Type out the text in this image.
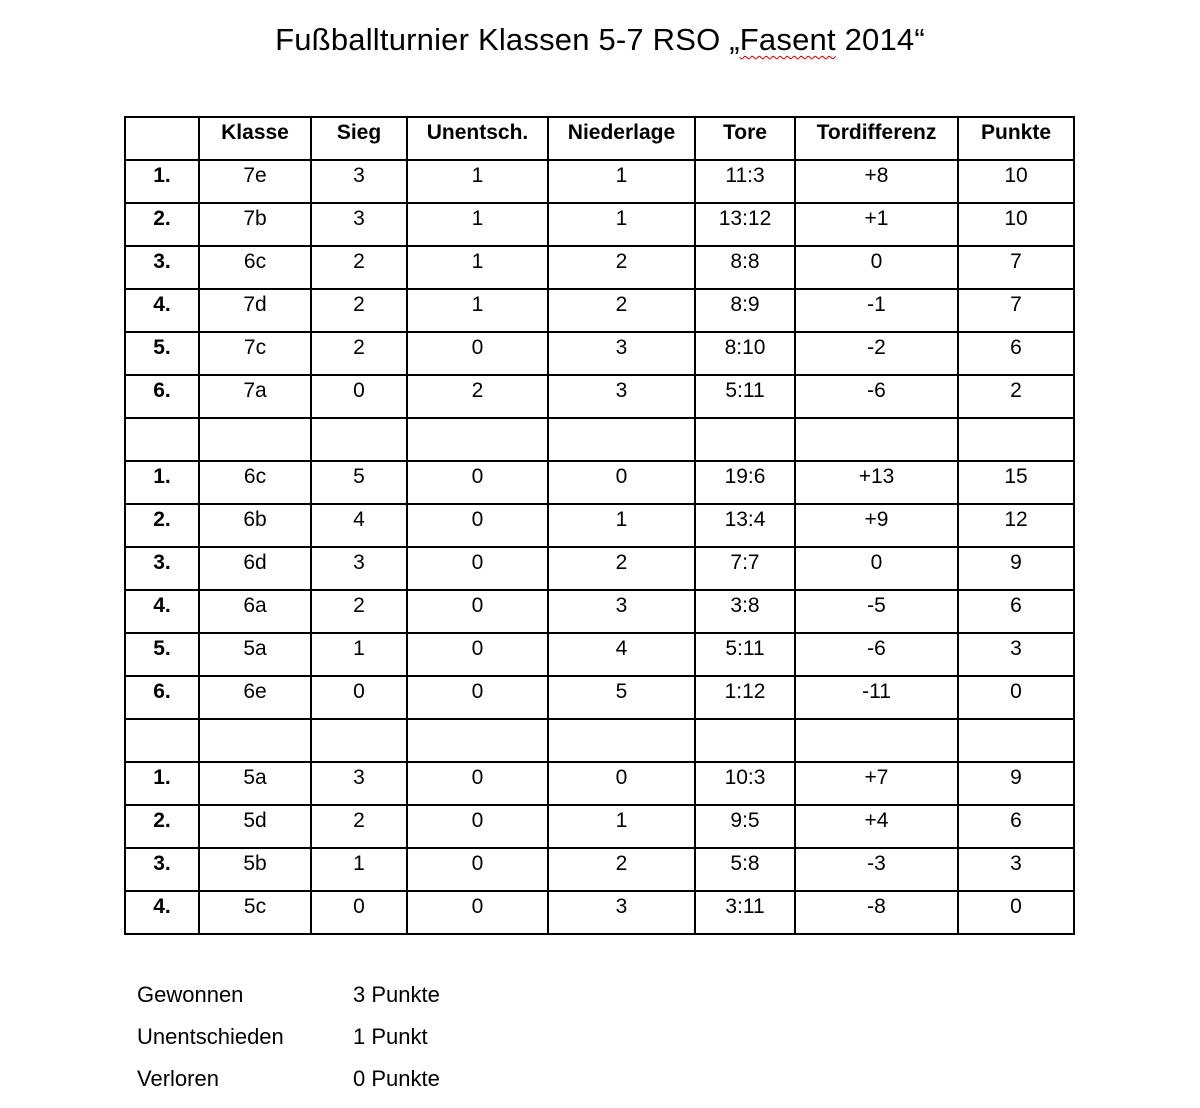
Fußballturnier Klassen 5-7 RSO „Fasent 2014“
	Klasse	Sieg	Unentsch.	Niederlage	Tore	Tordifferenz	Punkte
1.	7e	3	1	1	11:3	+8	10
2.	7b	3	1	1	13:12	+1	10
3.	6c	2	1	2	8:8	0	7
4.	7d	2	1	2	8:9	-1	7
5.	7c	2	0	3	8:10	-2	6
6.	7a	0	2	3	5:11	-6	2

1.	6c	5	0	0	19:6	+13	15
2.	6b	4	0	1	13:4	+9	12
3.	6d	3	0	2	7:7	0	9
4.	6a	2	0	3	3:8	-5	6
5.	5a	1	0	4	5:11	-6	3
6.	6e	0	0	5	1:12	-11	0

1.	5a	3	0	0	10:3	+7	9
2.	5d	2	0	1	9:5	+4	6
3.	5b	1	0	2	5:8	-3	3
4.	5c	0	0	3	3:11	-8	0
Gewonnen	3 Punkte
Unentschieden	1 Punkt
Verloren	0 Punkte
